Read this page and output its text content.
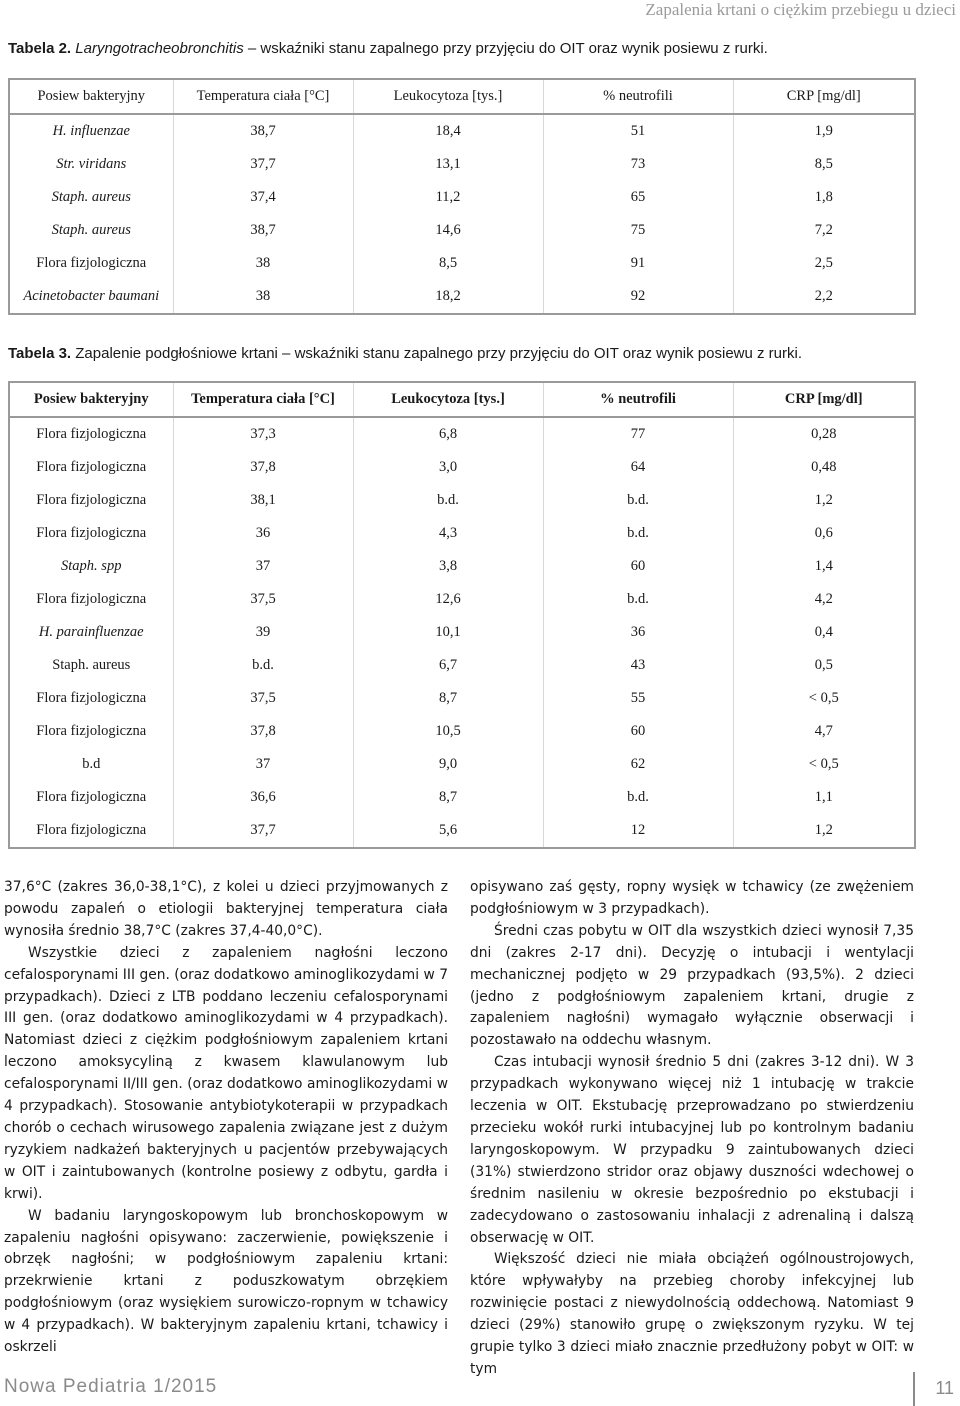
Zapalenia krtani o ciężkim przebiegu u dzieci
Tabela 2. Laryngotracheobronchitis – wskaźniki stanu zapalnego przy przyjęciu do OIT oraz wynik posiewu z rurki.
Posiew bakteryjny	Temperatura ciała [°C]	Leukocytoza [tys.]	% neutrofili	CRP [mg/dl]
H. influenzae	38,7	18,4	51	1,9
Str. viridans	37,7	13,1	73	8,5
Staph. aureus	37,4	11,2	65	1,8
Staph. aureus	38,7	14,6	75	7,2
Flora fizjologiczna	38	8,5	91	2,5
Acinetobacter baumani	38	18,2	92	2,2
Tabela 3. Zapalenie podgłośniowe krtani – wskaźniki stanu zapalnego przy przyjęciu do OIT oraz wynik posiewu z rurki.
Posiew bakteryjny	Temperatura ciała [°C]	Leukocytoza [tys.]	% neutrofili	CRP [mg/dl]
Flora fizjologiczna	37,3	6,8	77	0,28
Flora fizjologiczna	37,8	3,0	64	0,48
Flora fizjologiczna	38,1	b.d.	b.d.	1,2
Flora fizjologiczna	36	4,3	b.d.	0,6
Staph. spp	37	3,8	60	1,4
Flora fizjologiczna	37,5	12,6	b.d.	4,2
H. parainfluenzae	39	10,1	36	0,4
Staph. aureus	b.d.	6,7	43	0,5
Flora fizjologiczna	37,5	8,7	55	< 0,5
Flora fizjologiczna	37,8	10,5	60	4,7
b.d	37	9,0	62	< 0,5
Flora fizjologiczna	36,6	8,7	b.d.	1,1
Flora fizjologiczna	37,7	5,6	12	1,2

37,6°C (zakres 36,0-38,1°C), z kolei u dzieci przyjmowanych z powodu zapaleń o etiologii bakteryjnej temperatura ciała wynosiła średnio 38,7°C (zakres 37,4-40,0°C).

Wszystkie dzieci z zapaleniem nagłośni leczono cefalosporynami III gen. (oraz dodatkowo aminoglikozydami w 7 przypadkach). Dzieci z LTB poddano leczeniu cefalosporynami III gen. (oraz dodatkowo aminoglikozydami w 4 przypadkach). Natomiast dzieci z ciężkim podgłośniowym zapaleniem krtani leczono amoksycyliną z kwasem klawulanowym lub cefalosporynami II/III gen. (oraz dodatkowo aminoglikozydami w 4 przypadkach). Stosowanie antybiotykoterapii w przypadkach chorób o cechach wirusowego zapalenia związane jest z dużym ryzykiem nadkażeń bakteryjnych u pacjentów przebywających w OIT i zaintubowanych (kontrolne posiewy z odbytu, gardła i krwi).

W badaniu laryngoskopowym lub bronchoskopowym w zapaleniu nagłośni opisywano: zaczerwienie, powiększenie i obrzęk nagłośni; w podgłośniowym zapaleniu krtani: przekrwienie krtani z poduszkowatym obrzękiem podgłośniowym (oraz wysiękiem surowiczo-ropnym w tchawicy w 4 przypadkach). W bakteryjnym zapaleniu krtani, tchawicy i oskrzeli

opisywano zaś gęsty, ropny wysięk w tchawicy (ze zwężeniem podgłośniowym w 3 przypadkach).

Średni czas pobytu w OIT dla wszystkich dzieci wynosił 7,35 dni (zakres 2-17 dni). Decyzję o intubacji i wentylacji mechanicznej podjęto w 29 przypadkach (93,5%). 2 dzieci (jedno z podgłośniowym zapaleniem krtani, drugie z zapaleniem nagłośni) wymagało wyłącznie obserwacji i pozostawało na oddechu własnym.

Czas intubacji wynosił średnio 5 dni (zakres 3-12 dni). W 3 przypadkach wykonywano więcej niż 1 intubację w trakcie leczenia w OIT. Ekstubację przeprowadzano po stwierdzeniu przecieku wokół rurki intubacyjnej lub po kontrolnym badaniu laryngoskopowym. W przypadku 9 zaintubowanych dzieci (31%) stwierdzono stridor oraz objawy duszności wdechowej o średnim nasileniu w okresie bezpośrednio po ekstubacji i zadecydowano o zastosowaniu inhalacji z adrenaliną i dalszą obserwację w OIT.

Większość dzieci nie miała obciążeń ogólnoustrojowych, które wpływałyby na przebieg choroby infekcyjnej lub rozwinięcie postaci z niewydolnością oddechową. Natomiast 9 dzieci (29%) stanowiło grupę o zwiększonym ryzyku. W tej grupie tylko 3 dzieci miało znacznie przedłużony pobyt w OIT: w tym

Nowa Pediatria 1/2015	11
